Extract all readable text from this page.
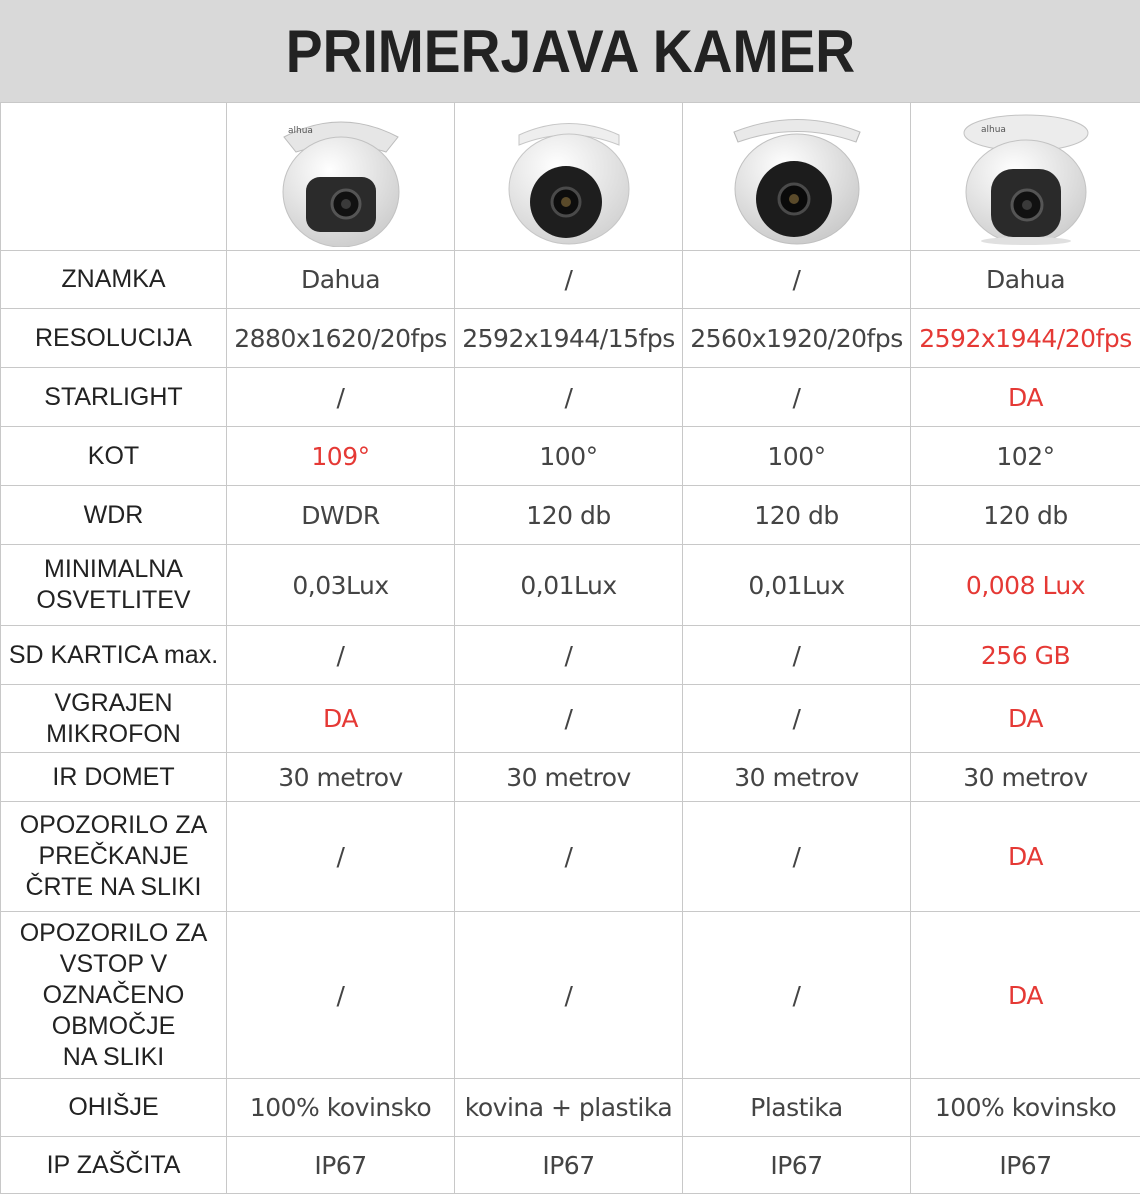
PRIMERJAVA KAMER

alhua			alhua

ZNAMKA	Dahua	/	/	Dahua

RESOLUCIJA	2880x1620/20fps	2592x1944/15fps	2560x1920/20fps	2592x1944/20fps

STARLIGHT	/	/	/	DA

KOT	109°	100°	100°	102°

WDR	DWDR	120 db	120 db	120 db

MINIMALNA
OSVETLITEV	0,03Lux	0,01Lux	0,01Lux	0,008 Lux

SD KARTICA max.	/	/	/	256 GB

VGRAJEN
MIKROFON	DA	/	/	DA

IR DOMET	30 metrov	30 metrov	30 metrov	30 metrov

OPOZORILO ZA
PREČKANJE
ČRTE NA SLIKI	/	/	/	DA

OPOZORILO ZA
VSTOP V
OZNAČENO
OBMOČJE
NA SLIKI	/	/	/	DA

OHIŠJE	100% kovinsko	kovina + plastika	Plastika	100% kovinsko

IP ZAŠČITA	IP67	IP67	IP67	IP67
